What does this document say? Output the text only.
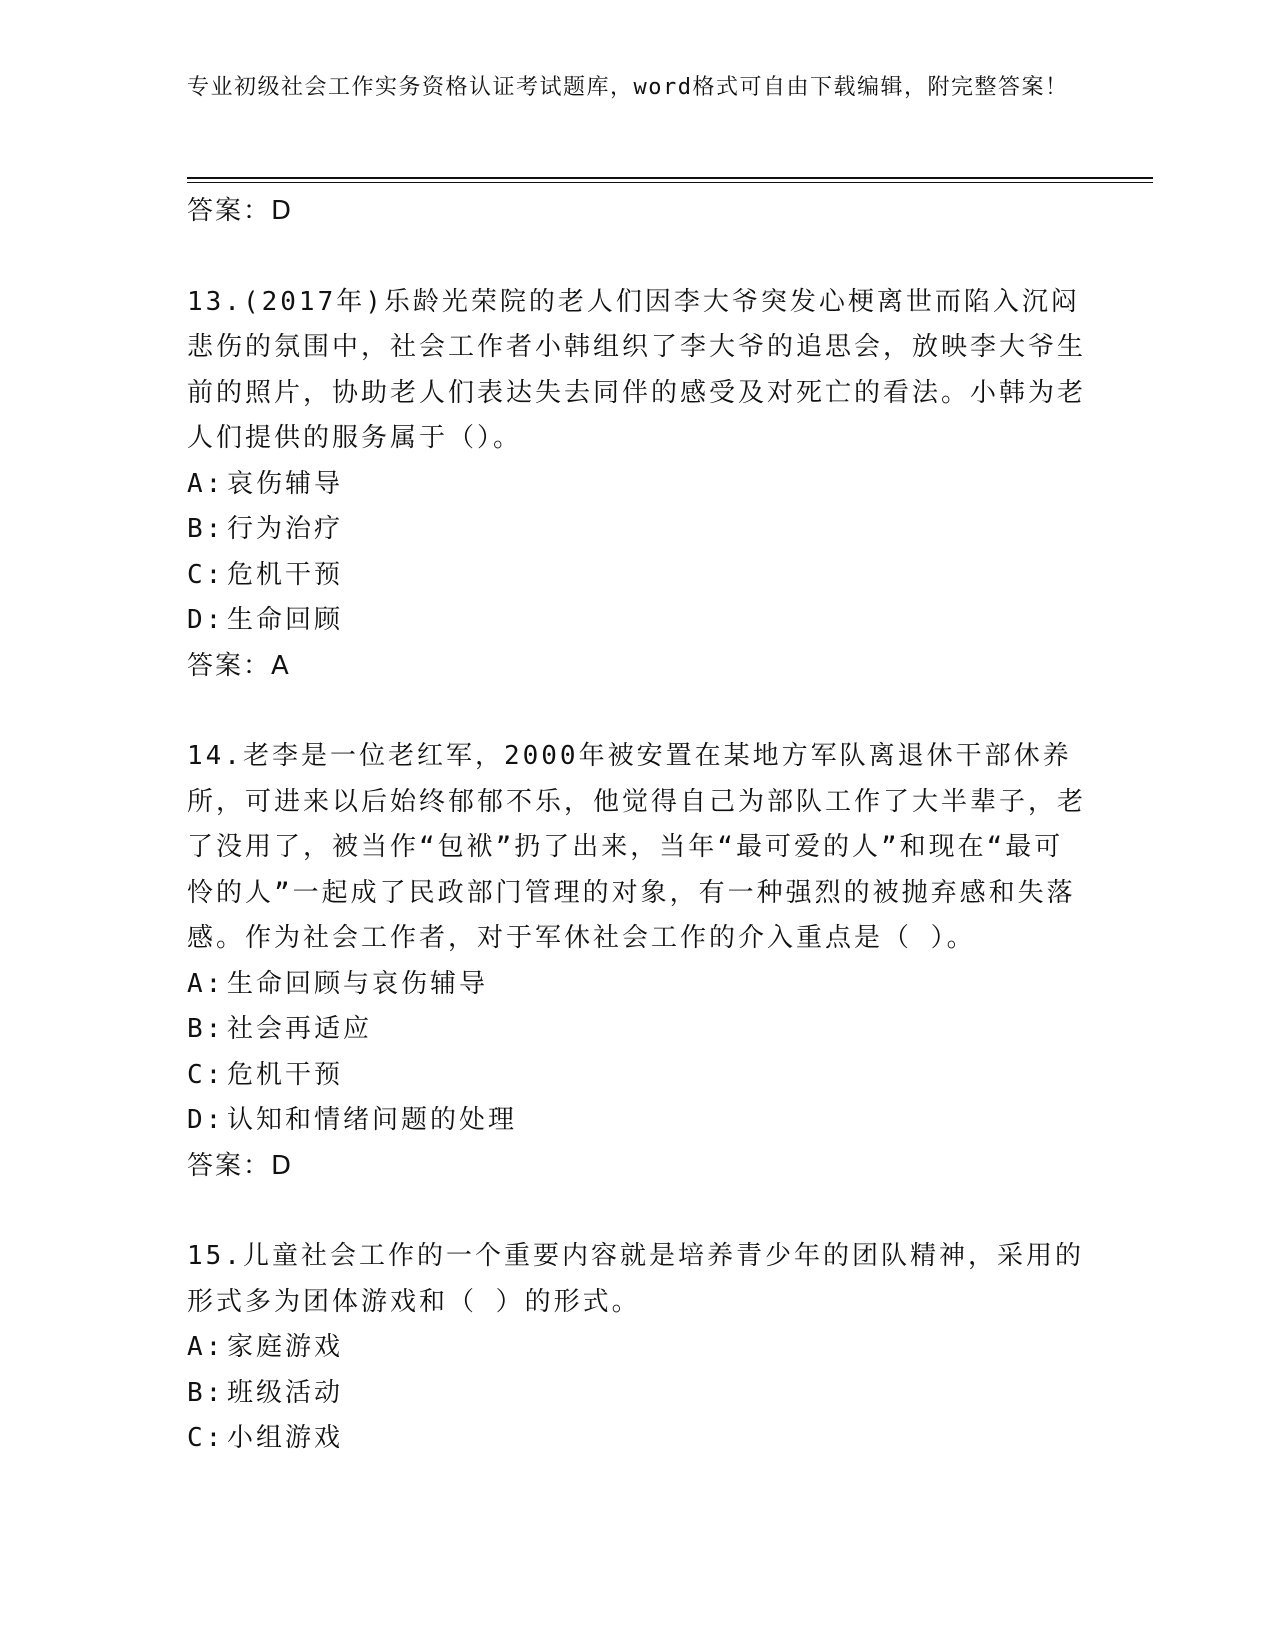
专业初级社会工作实务资格认证考试题库，word格式可自由下载编辑，附完整答案！
答案：D

13.(2017年)乐龄光荣院的老人们因李大爷突发心梗离世而陷入沉闷悲伤的氛围中，社会工作者小韩组织了李大爷的追思会，放映李大爷生前的照片，协助老人们表达失去同伴的感受及对死亡的看法。小韩为老人们提供的服务属于（）。

A: 哀伤辅导
B: 行为治疗
C: 危机干预
D: 生命回顾
答案：A

14.老李是一位老红军，2000年被安置在某地方军队离退休干部休养所，可进来以后始终郁郁不乐，他觉得自己为部队工作了大半辈子，老了没用了，被当作“包袱”扔了出来，当年“最可爱的人”和现在“最可怜的人”一起成了民政部门管理的对象，有一种强烈的被抛弃感和失落感。作为社会工作者，对于军休社会工作的介入重点是（ ）。

A: 生命回顾与哀伤辅导
B: 社会再适应
C: 危机干预
D: 认知和情绪问题的处理
答案：D

15.儿童社会工作的一个重要内容就是培养青少年的团队精神，采用的形式多为团体游戏和（ ）的形式。

A: 家庭游戏
B: 班级活动
C: 小组游戏
